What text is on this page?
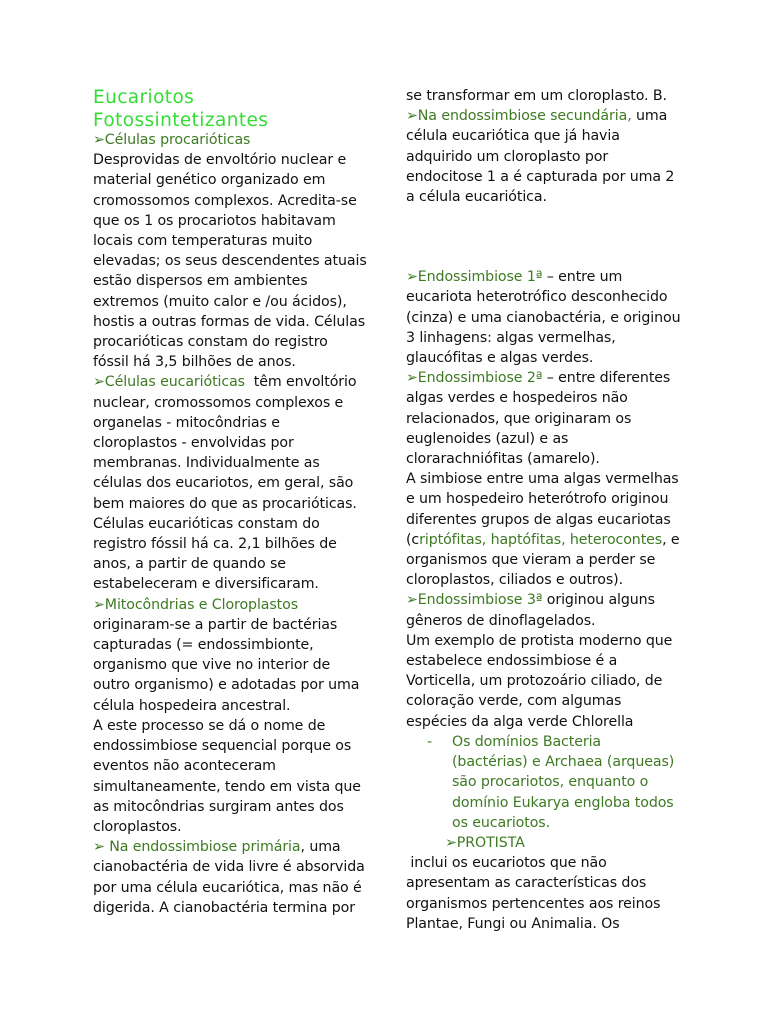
Eucariotos
Fotossintetizantes
➢Células procarióticas
Desprovidas de envoltório nuclear e
material genético organizado em
cromossomos complexos. Acredita-se
que os 1 os procariotos habitavam
locais com temperaturas muito
elevadas; os seus descendentes atuais
estão dispersos em ambientes
extremos (muito calor e /ou ácidos),
hostis a outras formas de vida. Células
procarióticas constam do registro
fóssil há 3,5 bilhões de anos.
➢Células eucarióticas  têm envoltório
nuclear, cromossomos complexos e
organelas - mitocôndrias e
cloroplastos - envolvidas por
membranas. Individualmente as
células dos eucariotos, em geral, são
bem maiores do que as procarióticas.
Células eucarióticas constam do
registro fóssil há ca. 2,1 bilhões de
anos, a partir de quando se
estabeleceram e diversificaram.
➢Mitocôndrias e Cloroplastos
originaram-se a partir de bactérias
capturadas (= endossimbionte,
organismo que vive no interior de
outro organismo) e adotadas por uma
célula hospedeira ancestral.
A este processo se dá o nome de
endossimbiose sequencial porque os
eventos não aconteceram
simultaneamente, tendo em vista que
as mitocôndrias surgiram antes dos
cloroplastos.
➢ Na endossimbiose primária, uma
cianobactéria de vida livre é absorvida
por uma célula eucariótica, mas não é
digerida. A cianobactéria termina por
se transformar em um cloroplasto. B.
➢Na endossimbiose secundária, uma
célula eucariótica que já havia
adquirido um cloroplasto por
endocitose 1 a é capturada por uma 2
a célula eucariótica.
➢Endossimbiose 1ª – entre um
eucariota heterotrófico desconhecido
(cinza) e uma cianobactéria, e originou
3 linhagens: algas vermelhas,
glaucófitas e algas verdes.
➢Endossimbiose 2ª – entre diferentes
algas verdes e hospedeiros não
relacionados, que originaram os
euglenoides (azul) e as
clorarachniófitas (amarelo).
A simbiose entre uma algas vermelhas
e um hospedeiro heterótrofo originou
diferentes grupos de algas eucariotas
(criptófitas, haptófitas, heterocontes, e
organismos que vieram a perder se
cloroplastos, ciliados e outros).
➢Endossimbiose 3ª originou alguns
gêneros de dinoflagelados.
Um exemplo de protista moderno que
estabelece endossimbiose é a
Vorticella, um protozoário ciliado, de
coloração verde, com algumas
espécies da alga verde Chlorella
-	Os domínios Bacteria
(bactérias) e Archaea (arqueas)
são procariotos, enquanto o
domínio Eukarya engloba todos
os eucariotos.
➢PROTISTA
inclui os eucariotos que não
apresentam as características dos
organismos pertencentes aos reinos
Plantae, Fungi ou Animalia. Os
